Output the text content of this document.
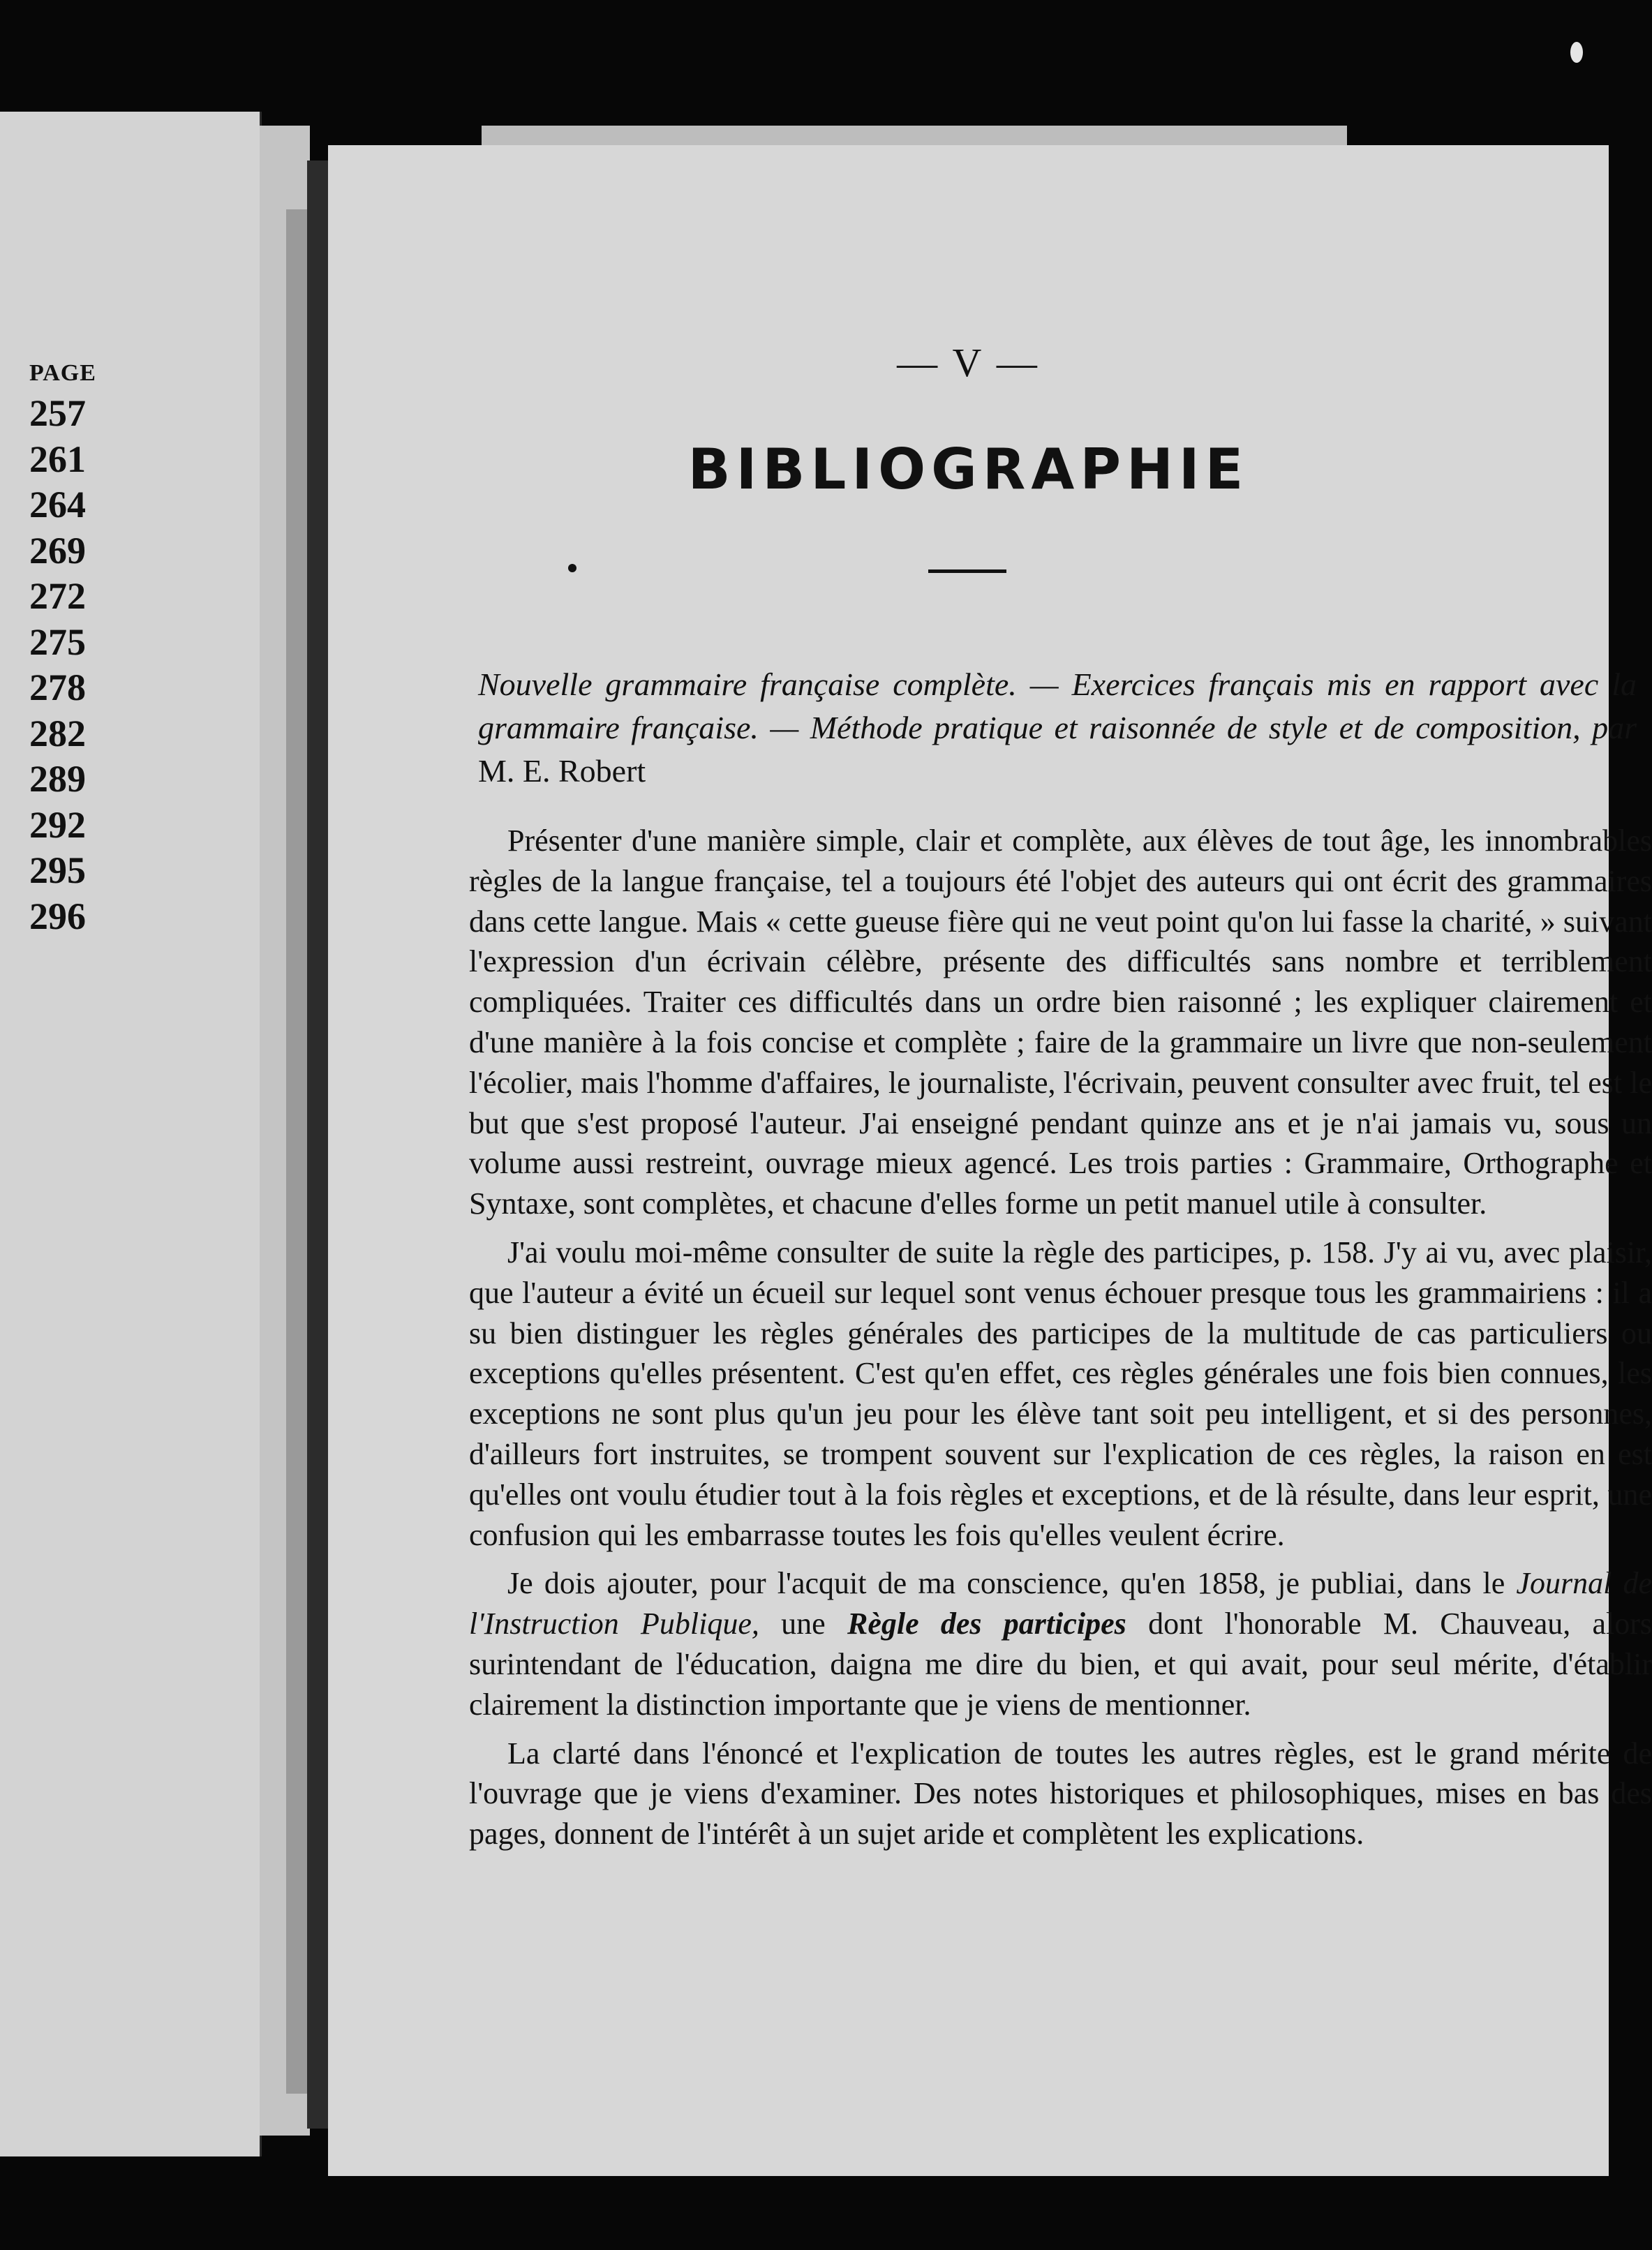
PAGE
257
261
264
269
272
275
278
282
289
292
295
296
— V —
BIBLIOGRAPHIE

Nouvelle grammaire française complète. — Exercices français mis en rapport avec la grammaire française. — Méthode pratique et raisonnée de style et de composition, par M. E. Robert

Présenter d'une manière simple, clair et complète, aux élèves de tout âge, les innombrables règles de la langue française, tel a toujours été l'objet des auteurs qui ont écrit des grammaires dans cette langue. Mais « cette gueuse fière qui ne veut point qu'on lui fasse la charité, » suivant l'expression d'un écrivain célèbre, présente des difficultés sans nombre et terriblement compliquées. Traiter ces difficultés dans un ordre bien raisonné ; les expliquer clairement et d'une manière à la fois concise et complète ; faire de la grammaire un livre que non-seulement l'écolier, mais l'homme d'affaires, le journaliste, l'écrivain, peuvent consulter avec fruit, tel est le but que s'est proposé l'auteur. J'ai enseigné pendant quinze ans et je n'ai jamais vu, sous un volume aussi restreint, ouvrage mieux agencé. Les trois parties : Grammaire, Orthographe et Syntaxe, sont complètes, et chacune d'elles forme un petit manuel utile à consulter.

J'ai voulu moi-même consulter de suite la règle des participes, p. 158. J'y ai vu, avec plaisir, que l'auteur a évité un écueil sur lequel sont venus échouer presque tous les grammairiens : il a su bien distinguer les règles générales des participes de la multitude de cas particuliers ou exceptions qu'elles présentent. C'est qu'en effet, ces règles générales une fois bien connues, les exceptions ne sont plus qu'un jeu pour les élève tant soit peu intelligent, et si des personnes, d'ailleurs fort instruites, se trompent souvent sur l'explication de ces règles, la raison en est qu'elles ont voulu étudier tout à la fois règles et exceptions, et de là résulte, dans leur esprit, une confusion qui les embarrasse toutes les fois qu'elles veulent écrire.

Je dois ajouter, pour l'acquit de ma conscience, qu'en 1858, je publiai, dans le Journal de l'Instruction Publique, une Règle des participes dont l'honorable M. Chauveau, alors surintendant de l'éducation, daigna me dire du bien, et qui avait, pour seul mérite, d'établir clairement la distinction importante que je viens de mentionner.

La clarté dans l'énoncé et l'explication de toutes les autres règles, est le grand mérite de l'ouvrage que je viens d'examiner. Des notes historiques et philosophiques, mises en bas des pages, donnent de l'intérêt à un sujet aride et complètent les explications.
